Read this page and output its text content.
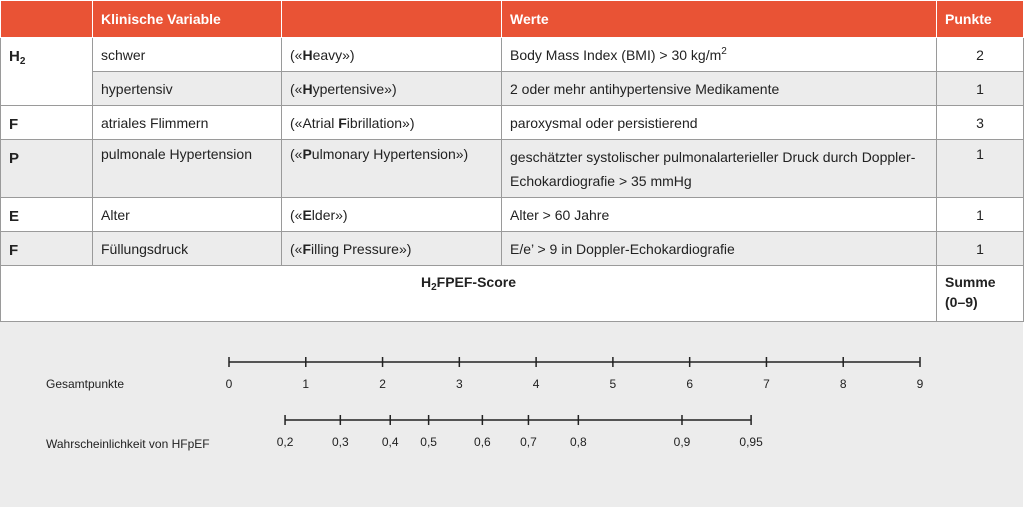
	Klinische Variable		Werte	Punkte
$H_2$	schwer	(«Heavy»)	Body Mass Index (BMI) > 30 $kg/m^2$	2
	hypertensiv	(«Hypertensive»)	2 oder mehr antihypertensive Medikamente	1
F	atriales Flimmern	(«Atrial Fibrillation»)	paroxysmal oder persistierend	3
P	pulmonale Hypertension	(«Pulmonary Hypertension»)	geschätzter systolischer pulmonalarterieller Druck durch Doppler-Echokardiografie > 35 mmHg	1
E	Alter	(«Elder»)	Alter > 60 Jahre	1
F	Füllungsdruck	(«Filling Pressure»)	E/e’ > 9 in Doppler-Echokardiografie	1
$H_2FPEF$-Score				Summe
(0–9)
Gesamtpunkte	0	1	2	3	4	5	6	7	8	9
Wahrscheinlichkeit von HFpEF	0,2	0,3	0,4 0,5	0,6 0,7	0,8	0,9	0,95
